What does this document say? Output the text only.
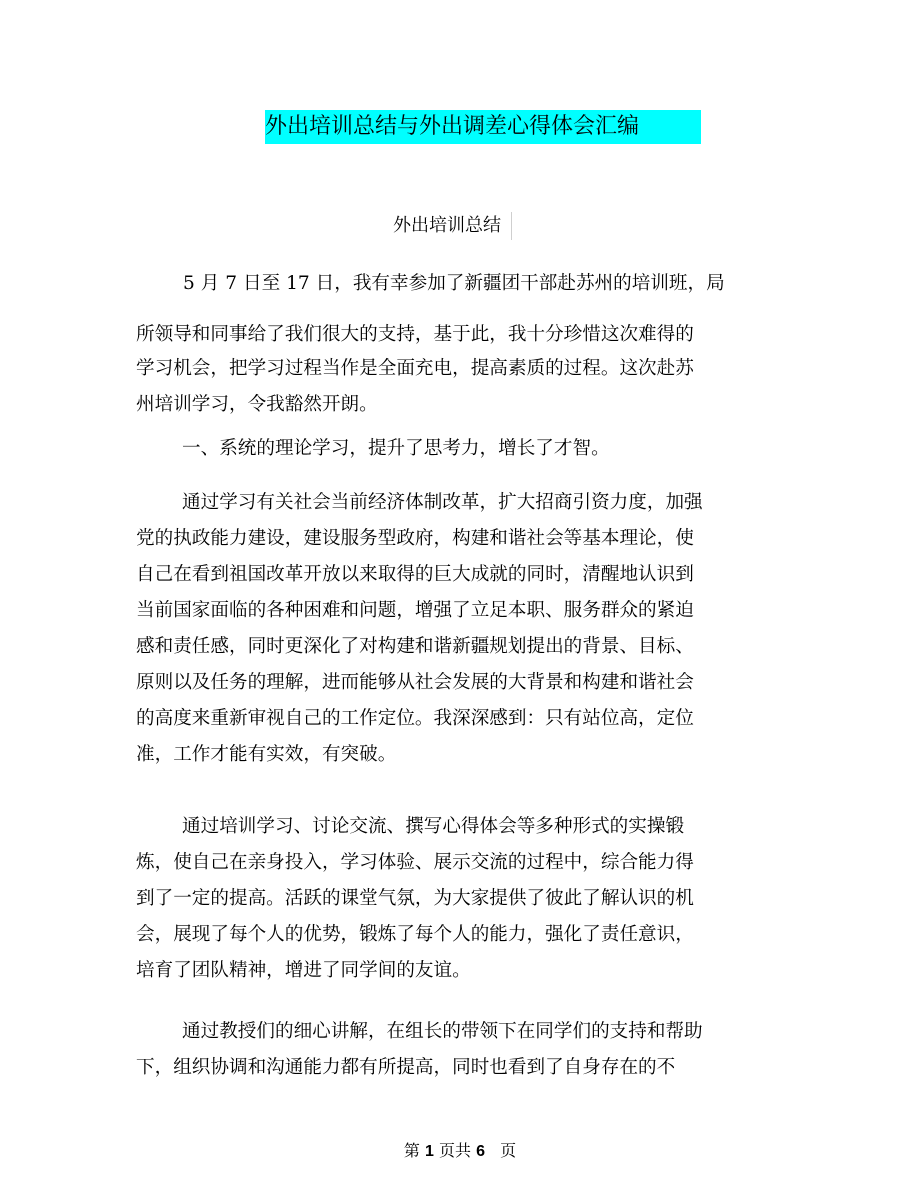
外出培训总结与外出调差心得体会汇编
外出培训总结
5 月 7 日至 17 日，我有幸参加了新疆团干部赴苏州的培训班，局
所领导和同事给了我们很大的支持，基于此，我十分珍惜这次难得的
学习机会，把学习过程当作是全面充电，提高素质的过程。这次赴苏
州培训学习，令我豁然开朗。
一、系统的理论学习，提升了思考力，增长了才智。
通过学习有关社会当前经济体制改革，扩大招商引资力度，加强
党的执政能力建设，建设服务型政府，构建和谐社会等基本理论，使
自己在看到祖国改革开放以来取得的巨大成就的同时，清醒地认识到
当前国家面临的各种困难和问题，增强了立足本职、服务群众的紧迫
感和责任感，同时更深化了对构建和谐新疆规划提出的背景、目标、
原则以及任务的理解，进而能够从社会发展的大背景和构建和谐社会
的高度来重新审视自己的工作定位。我深深感到：只有站位高，定位
准，工作才能有实效，有突破。
通过培训学习、讨论交流、撰写心得体会等多种形式的实操锻
炼，使自己在亲身投入，学习体验、展示交流的过程中，综合能力得
到了一定的提高。活跃的课堂气氛，为大家提供了彼此了解认识的机
会，展现了每个人的优势，锻炼了每个人的能力，强化了责任意识，
培育了团队精神，增进了同学间的友谊。
通过教授们的细心讲解，在组长的带领下在同学们的支持和帮助
下，组织协调和沟通能力都有所提高，同时也看到了自身存在的不
第 1 页共 6 页
